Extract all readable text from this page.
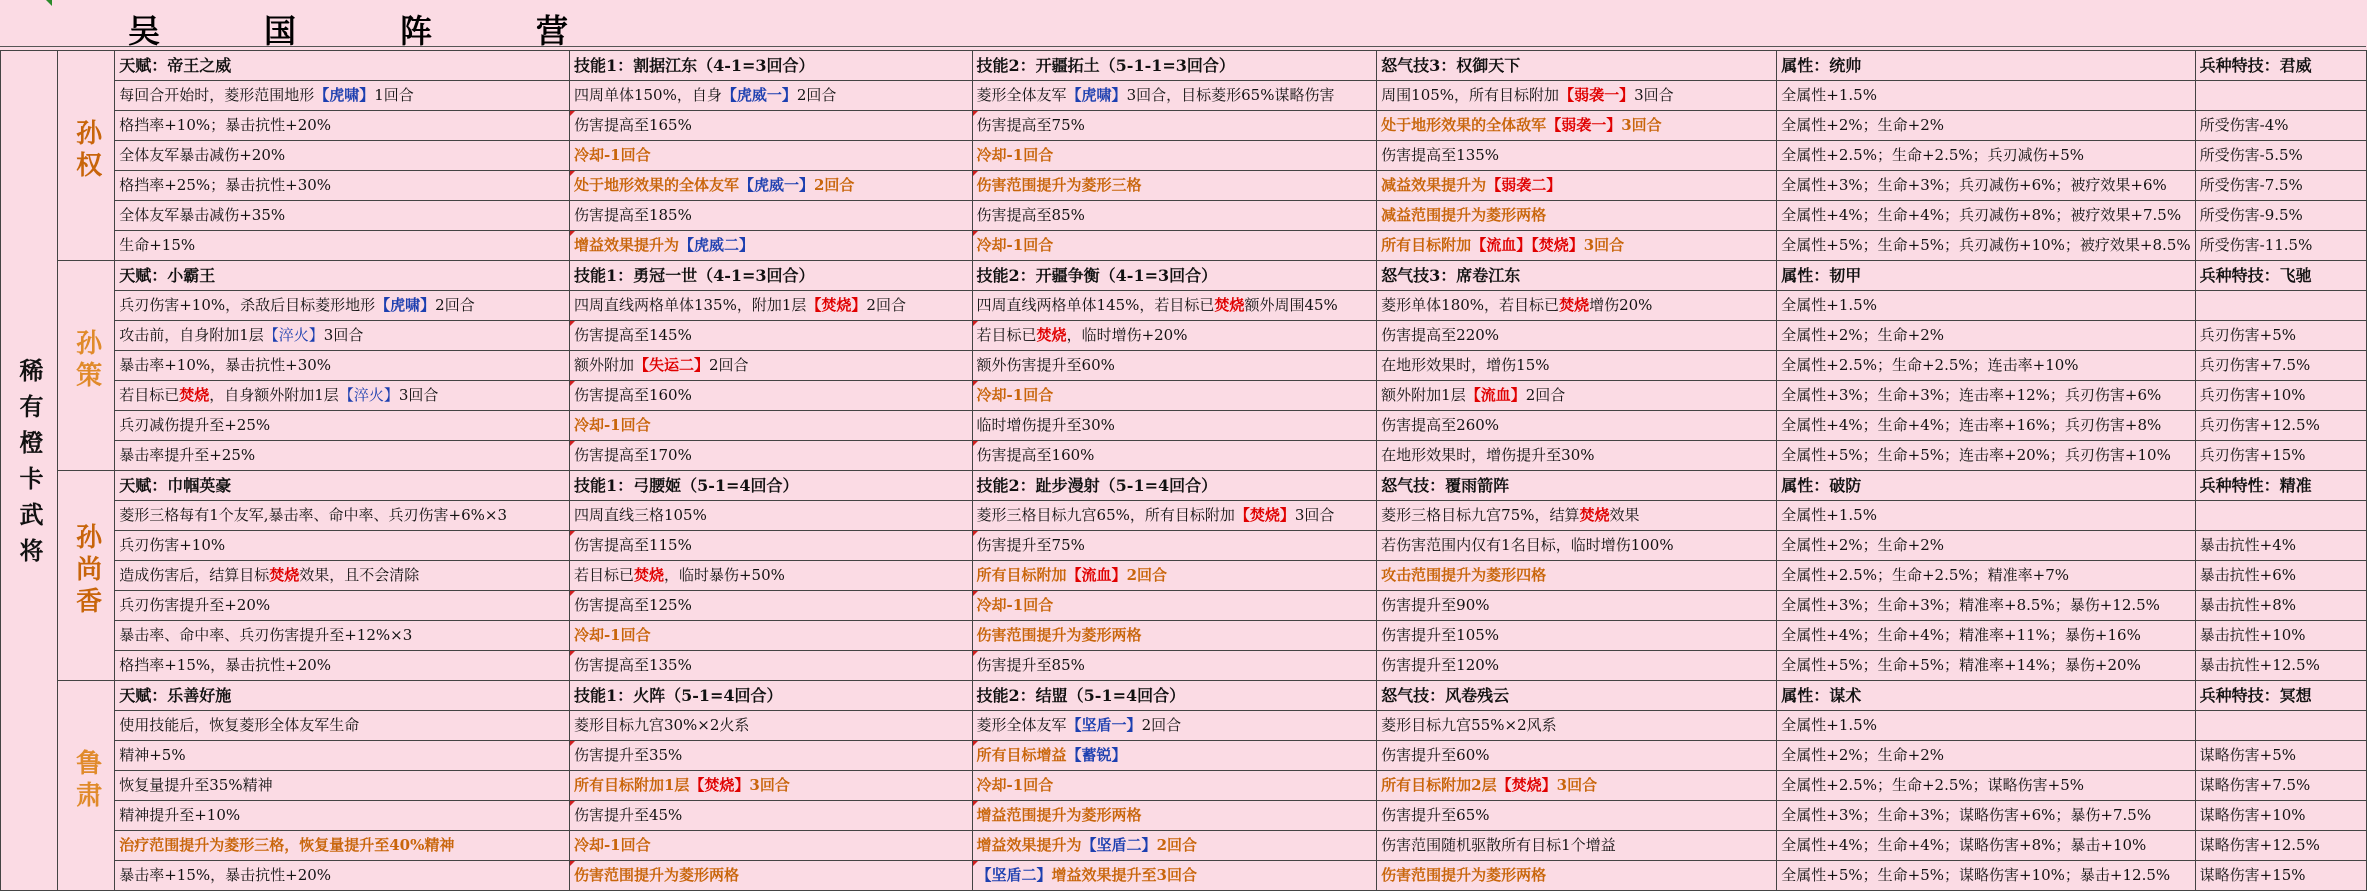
吴　国　阵　营
稀有橙卡武将	孙权	天赋：帝王之威	技能1：割据江东（4-1=3回合）	技能2：开疆拓土（5-1-1=3回合）	怒气技3：权御天下	属性：统帅	兵种特技：君威
		每回合开始时，菱形范围地形【虎啸】1回合	四周单体150%，自身【虎威一】2回合	菱形全体友军【虎啸】3回合，目标菱形65%谋略伤害	周围105%，所有目标附加【弱袭一】3回合	全属性+1.5%	
		格挡率+10%；暴击抗性+20%	伤害提高至165%	伤害提高至75%	处于地形效果的全体敌军【弱袭一】3回合	全属性+2%；生命+2%	所受伤害-4%
		全体友军暴击减伤+20%	冷却-1回合	冷却-1回合	伤害提高至135%	全属性+2.5%；生命+2.5%；兵刃减伤+5%	所受伤害-5.5%
		格挡率+25%；暴击抗性+30%	处于地形效果的全体友军【虎威一】2回合	伤害范围提升为菱形三格	减益效果提升为【弱袭二】	全属性+3%；生命+3%；兵刃减伤+6%；被疗效果+6%	所受伤害-7.5%
		全体友军暴击减伤+35%	伤害提高至185%	伤害提高至85%	减益范围提升为菱形两格	全属性+4%；生命+4%；兵刃减伤+8%；被疗效果+7.5%	所受伤害-9.5%
		生命+15%	增益效果提升为【虎威二】	冷却-1回合	所有目标附加【流血】【焚烧】3回合	全属性+5%；生命+5%；兵刃减伤+10%；被疗效果+8.5%	所受伤害-11.5%
	孙策	天赋：小霸王	技能1：勇冠一世（4-1=3回合）	技能2：开疆争衡（4-1=3回合）	怒气技3：席卷江东	属性：韧甲	兵种特技：飞驰
		兵刃伤害+10%，杀敌后目标菱形地形【虎啸】2回合	四周直线两格单体135%，附加1层【焚烧】2回合	四周直线两格单体145%，若目标已焚烧额外周围45%	菱形单体180%，若目标已焚烧增伤20%	全属性+1.5%	
		攻击前，自身附加1层【淬火】3回合	伤害提高至145%	若目标已焚烧，临时增伤+20%	伤害提高至220%	全属性+2%；生命+2%	兵刃伤害+5%
		暴击率+10%，暴击抗性+30%	额外附加【失运二】2回合	额外伤害提升至60%	在地形效果时，增伤15%	全属性+2.5%；生命+2.5%；连击率+10%	兵刃伤害+7.5%
		若目标已焚烧，自身额外附加1层【淬火】3回合	伤害提高至160%	冷却-1回合	额外附加1层【流血】2回合	全属性+3%；生命+3%；连击率+12%；兵刃伤害+6%	兵刃伤害+10%
		兵刃减伤提升至+25%	冷却-1回合	临时增伤提升至30%	伤害提高至260%	全属性+4%；生命+4%；连击率+16%；兵刃伤害+8%	兵刃伤害+12.5%
		暴击率提升至+25%	伤害提高至170%	伤害提高至160%	在地形效果时，增伤提升至30%	全属性+5%；生命+5%；连击率+20%；兵刃伤害+10%	兵刃伤害+15%
	孙尚香	天赋：巾帼英豪	技能1：弓腰姬（5-1=4回合）	技能2：趾步漫射（5-1=4回合）	怒气技：覆雨箭阵	属性：破防	兵种特性：精准
		菱形三格每有1个友军,暴击率、命中率、兵刃伤害+6%×3	四周直线三格105%	菱形三格目标九宫65%，所有目标附加【焚烧】3回合	菱形三格目标九宫75%，结算焚烧效果	全属性+1.5%	
		兵刃伤害+10%	伤害提高至115%	伤害提升至75%	若伤害范围内仅有1名目标，临时增伤100%	全属性+2%；生命+2%	暴击抗性+4%
		造成伤害后，结算目标焚烧效果，且不会清除	若目标已焚烧，临时暴伤+50%	所有目标附加【流血】2回合	攻击范围提升为菱形四格	全属性+2.5%；生命+2.5%；精准率+7%	暴击抗性+6%
		兵刃伤害提升至+20%	伤害提高至125%	冷却-1回合	伤害提升至90%	全属性+3%；生命+3%；精准率+8.5%；暴伤+12.5%	暴击抗性+8%
		暴击率、命中率、兵刃伤害提升至+12%×3	冷却-1回合	伤害范围提升为菱形两格	伤害提升至105%	全属性+4%；生命+4%；精准率+11%；暴伤+16%	暴击抗性+10%
		格挡率+15%，暴击抗性+20%	伤害提高至135%	伤害提升至85%	伤害提升至120%	全属性+5%；生命+5%；精准率+14%；暴伤+20%	暴击抗性+12.5%
	鲁肃	天赋：乐善好施	技能1：火阵（5-1=4回合）	技能2：结盟（5-1=4回合）	怒气技：风卷残云	属性：谋术	兵种特技：冥想
		使用技能后，恢复菱形全体友军生命	菱形目标九宫30%×2火系	菱形全体友军【坚盾一】2回合	菱形目标九宫55%×2风系	全属性+1.5%	
		精神+5%	伤害提升至35%	所有目标增益【蓄锐】	伤害提升至60%	全属性+2%；生命+2%	谋略伤害+5%
		恢复量提升至35%精神	所有目标附加1层【焚烧】3回合	冷却-1回合	所有目标附加2层【焚烧】3回合	全属性+2.5%；生命+2.5%；谋略伤害+5%	谋略伤害+7.5%
		精神提升至+10%	伤害提升至45%	增益范围提升为菱形两格	伤害提升至65%	全属性+3%；生命+3%；谋略伤害+6%；暴伤+7.5%	谋略伤害+10%
		治疗范围提升为菱形三格，恢复量提升至40%精神	冷却-1回合	增益效果提升为【坚盾二】2回合	伤害范围随机驱散所有目标1个增益	全属性+4%；生命+4%；谋略伤害+8%；暴击+10%	谋略伤害+12.5%
		暴击率+15%，暴击抗性+20%	伤害范围提升为菱形两格	【坚盾二】增益效果提升至3回合	伤害范围提升为菱形两格	全属性+5%；生命+5%；谋略伤害+10%；暴击+12.5%	谋略伤害+15%
